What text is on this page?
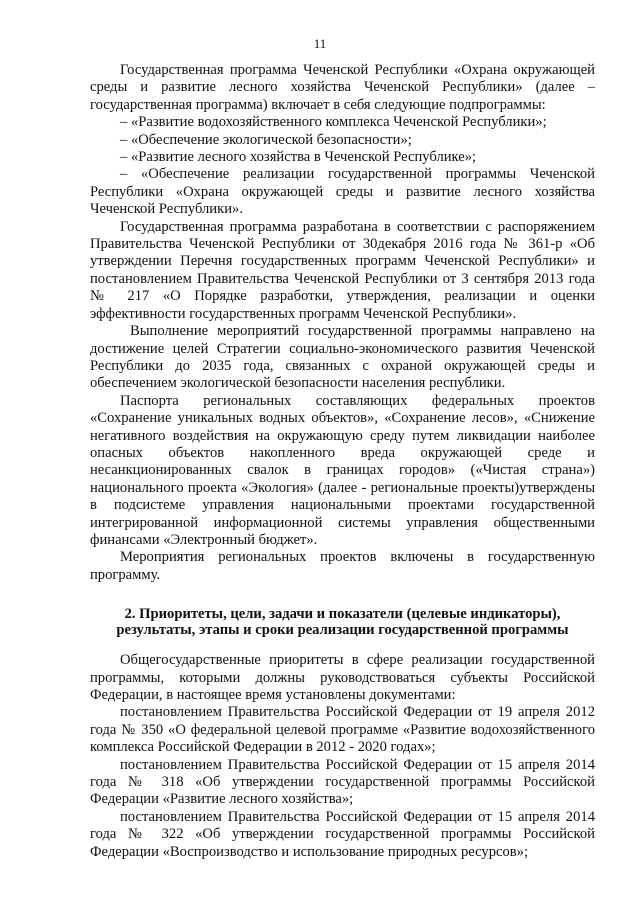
11

Государственная программа Чеченской Республики «Охрана окружающей среды и развитие лесного хозяйства Чеченской Республики» (далее – государственная программа) включает в себя следующие подпрограммы:

– «Развитие водохозяйственного комплекса Чеченской Республики»;

– «Обеспечение экологической безопасности»;

– «Развитие лесного хозяйства в Чеченской Республике»;

– «Обеспечение реализации государственной программы Чеченской Республики «Охрана окружающей среды и развитие лесного хозяйства Чеченской Республики».

Государственная программа разработана в соответствии с распоряжением Правительства Чеченской Республики от 30декабря 2016 года № 361-р «Об утверждении Перечня государственных программ Чеченской Республики» и постановлением Правительства Чеченской Республики от 3 сентября 2013 года № 217 «О Порядке разработки, утверждения, реализации и оценки эффективности государственных программ Чеченской Республики».

Выполнение мероприятий государственной программы направлено на достижение целей Стратегии социально-экономического развития Чеченской Республики до 2035 года, связанных с охраной окружающей среды и обеспечением экологической безопасности населения республики.

Паспорта региональных составляющих федеральных проектов «Сохранение уникальных водных объектов», «Сохранение лесов», «Снижение негативного воздействия на окружающую среду путем ликвидации наиболее опасных объектов накопленного вреда окружающей среде и несанкционированных свалок в границах городов» («Чистая страна») национального проекта «Экология» (далее - региональные проекты)утверждены в подсистеме управления национальными проектами государственной интегрированной информационной системы управления общественными финансами «Электронный бюджет».

Мероприятия региональных проектов включены в государственную программу.

2. Приоритеты, цели, задачи и показатели (целевые индикаторы), результаты, этапы и сроки реализации государственной программы

Общегосударственные приоритеты в сфере реализации государственной программы, которыми должны руководствоваться субъекты Российской Федерации, в настоящее время установлены документами:

постановлением Правительства Российской Федерации от 19 апреля 2012 года № 350 «О федеральной целевой программе «Развитие водохозяйственного комплекса Российской Федерации в 2012 - 2020 годах»;

постановлением Правительства Российской Федерации от 15 апреля 2014 года № 318 «Об утверждении государственной программы Российской Федерации «Развитие лесного хозяйства»;

постановлением Правительства Российской Федерации от 15 апреля 2014 года № 322 «Об утверждении государственной программы Российской Федерации «Воспроизводство и использование природных ресурсов»;
